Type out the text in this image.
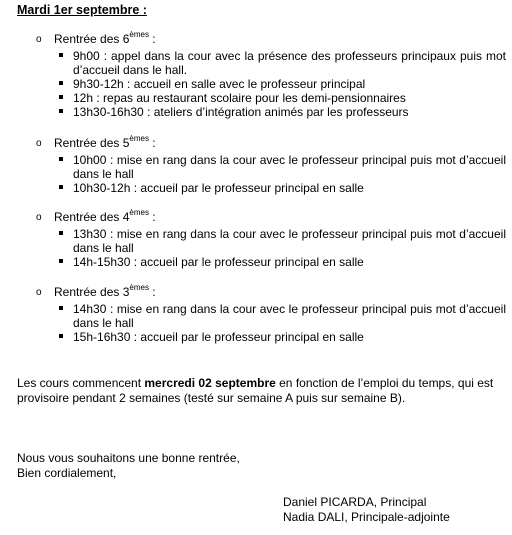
Mardi 1er septembre :
o Rentrée des 6èmes :
9h00 : appel dans la cour avec la présence des professeurs principaux puis mot d’accueil dans le hall.
9h30-12h : accueil en salle avec le professeur principal
12h : repas au restaurant scolaire pour les demi-pensionnaires
13h30-16h30 : ateliers d’intégration animés par les professeurs
o Rentrée des 5èmes :
10h00 : mise en rang dans la cour avec le professeur principal puis mot d’accueil dans le hall
10h30-12h : accueil par le professeur principal en salle
o Rentrée des 4èmes :
13h30 : mise en rang dans la cour avec le professeur principal puis mot d’accueil dans le hall
14h-15h30 : accueil par le professeur principal en salle
o Rentrée des 3èmes :
14h30 : mise en rang dans la cour avec le professeur principal puis mot d’accueil dans le hall
15h-16h30 : accueil par le professeur principal en salle
Les cours commencent mercredi 02 septembre en fonction de l’emploi du temps, qui est provisoire pendant 2 semaines (testé sur semaine A puis sur semaine B).
Nous vous souhaitons une bonne rentrée,
Bien cordialement,
Daniel PICARDA, Principal
Nadia DALI, Principale-adjointe
